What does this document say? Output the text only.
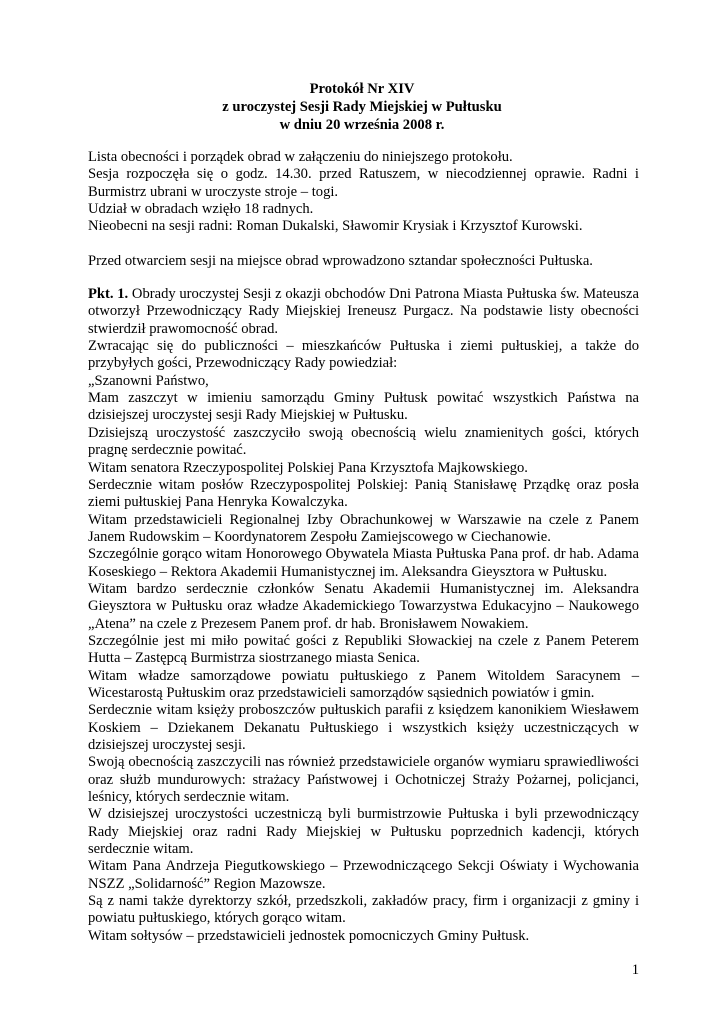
Protokół Nr XIV
z uroczystej Sesji Rady Miejskiej w Pułtusku
w dniu 20 września 2008 r.

Lista obecności i porządek obrad w załączeniu do niniejszego protokołu.

Sesja rozpoczęła się o godz. 14.30. przed Ratuszem, w niecodziennej oprawie. Radni i Burmistrz ubrani w uroczyste stroje – togi.

Udział w obradach wzięło 18 radnych.

Nieobecni na sesji radni: Roman Dukalski, Sławomir Krysiak i Krzysztof Kurowski.

Przed otwarciem sesji na miejsce obrad wprowadzono sztandar społeczności Pułtuska.

Pkt. 1. Obrady uroczystej Sesji z okazji obchodów Dni Patrona Miasta Pułtuska św. Mateusza otworzył Przewodniczący Rady Miejskiej Ireneusz Purgacz. Na podstawie listy obecności stwierdził prawomocność obrad.

Zwracając się do publiczności – mieszkańców Pułtuska i ziemi pułtuskiej, a także do przybyłych gości, Przewodniczący Rady powiedział:

„Szanowni Państwo,

Mam zaszczyt w imieniu samorządu Gminy Pułtusk powitać wszystkich Państwa na dzisiejszej uroczystej sesji Rady Miejskiej w Pułtusku.

Dzisiejszą uroczystość zaszczyciło swoją obecnością wielu znamienitych gości, których pragnę serdecznie powitać.

Witam senatora Rzeczypospolitej Polskiej Pana Krzysztofa Majkowskiego.

Serdecznie witam posłów Rzeczypospolitej Polskiej: Panią Stanisławę Prządkę oraz posła ziemi pułtuskiej Pana Henryka Kowalczyka.

Witam przedstawicieli Regionalnej Izby Obrachunkowej w Warszawie na czele z Panem Janem Rudowskim – Koordynatorem Zespołu Zamiejscowego w Ciechanowie.

Szczególnie gorąco witam Honorowego Obywatela Miasta Pułtuska Pana prof. dr hab. Adama Koseskiego – Rektora Akademii Humanistycznej im. Aleksandra Gieysztora w Pułtusku.

Witam bardzo serdecznie członków Senatu Akademii Humanistycznej im. Aleksandra Gieysztora w Pułtusku oraz władze Akademickiego Towarzystwa Edukacyjno – Naukowego „Atena” na czele z Prezesem Panem prof. dr hab. Bronisławem Nowakiem.

Szczególnie jest mi miło powitać gości z Republiki Słowackiej na czele z Panem Peterem Hutta – Zastępcą Burmistrza siostrzanego miasta Senica.

Witam władze samorządowe powiatu pułtuskiego z Panem Witoldem Saracynem – Wicestarostą Pułtuskim oraz przedstawicieli samorządów sąsiednich powiatów i gmin.

Serdecznie witam księży proboszczów pułtuskich parafii z księdzem kanonikiem Wiesławem Koskiem – Dziekanem Dekanatu Pułtuskiego i wszystkich księży uczestniczących w dzisiejszej uroczystej sesji.

Swoją obecnością zaszczycili nas również przedstawiciele organów wymiaru sprawiedliwości oraz służb mundurowych: strażacy Państwowej i Ochotniczej Straży Pożarnej, policjanci, leśnicy, których serdecznie witam.

W dzisiejszej uroczystości uczestniczą byli burmistrzowie Pułtuska i byli przewodniczący Rady Miejskiej oraz radni Rady Miejskiej w Pułtusku poprzednich kadencji, których serdecznie witam.

Witam Pana Andrzeja Piegutkowskiego – Przewodniczącego Sekcji Oświaty i Wychowania NSZZ „Solidarność” Region Mazowsze.

Są z nami także dyrektorzy szkół, przedszkoli, zakładów pracy, firm i organizacji z gminy i powiatu pułtuskiego, których gorąco witam.

Witam sołtysów – przedstawicieli jednostek pomocniczych Gminy Pułtusk.

1
